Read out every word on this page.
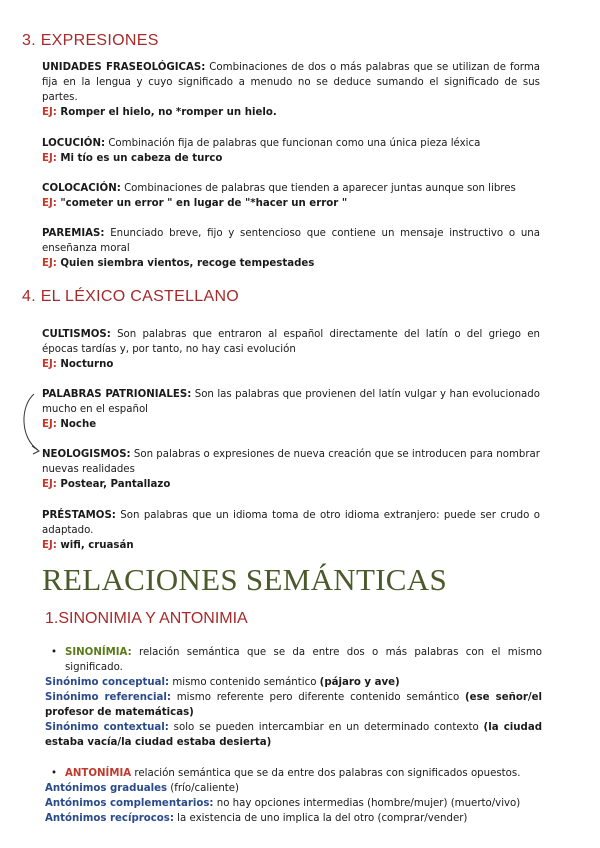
3. EXPRESIONES

UNIDADES FRASEOLÓGICAS: Combinaciones de dos o más palabras que se utilizan de forma fija en la lengua y cuyo significado a menudo no se deduce sumando el significado de sus partes.

EJ: Romper el hielo, no *romper un hielo.

LOCUCIÓN: Combinación fija de palabras que funcionan como una única pieza léxica

EJ: Mi tío es un cabeza de turco

COLOCACIÓN: Combinaciones de palabras que tienden a aparecer juntas aunque son libres

EJ: "cometer un error " en lugar de "*hacer un error "

PAREMIAS: Enunciado breve, fijo y sentencioso que contiene un mensaje instructivo o una enseñanza moral

EJ: Quien siembra vientos, recoge tempestades

4. EL LÉXICO CASTELLANO

CULTISMOS: Son palabras que entraron al español directamente del latín o del griego en épocas tardías y, por tanto, no hay casi evolución

EJ: Nocturno

PALABRAS PATRIONIALES: Son las palabras que provienen del latín vulgar y han evolucionado mucho en el español

EJ: Noche

NEOLOGISMOS: Son palabras o expresiones de nueva creación que se introducen para nombrar nuevas realidades

EJ: Postear, Pantallazo

PRÉSTAMOS: Son palabras que un idioma toma de otro idioma extranjero: puede ser crudo o adaptado.

EJ: wifi, cruasán

RELACIONES SEMÁNTICAS
1.SINONIMIA Y ANTONIMIA
• SINONÍMIA: relación semántica que se da entre dos o más palabras con el mismo significado.
Sinónimo conceptual: mismo contenido semántico (pájaro y ave)
Sinónimo referencial: mismo referente pero diferente contenido semántico (ese señor/el profesor de matemáticas)
Sinónimo contextual: solo se pueden intercambiar en un determinado contexto (la ciudad estaba vacía/la ciudad estaba desierta)
• ANTONÍMIA relación semántica que se da entre dos palabras con significados opuestos.
Antónimos graduales (frío/caliente)
Antónimos complementarios: no hay opciones intermedias (hombre/mujer) (muerto/vivo)
Antónimos recíprocos: la existencia de uno implica la del otro (comprar/vender)
